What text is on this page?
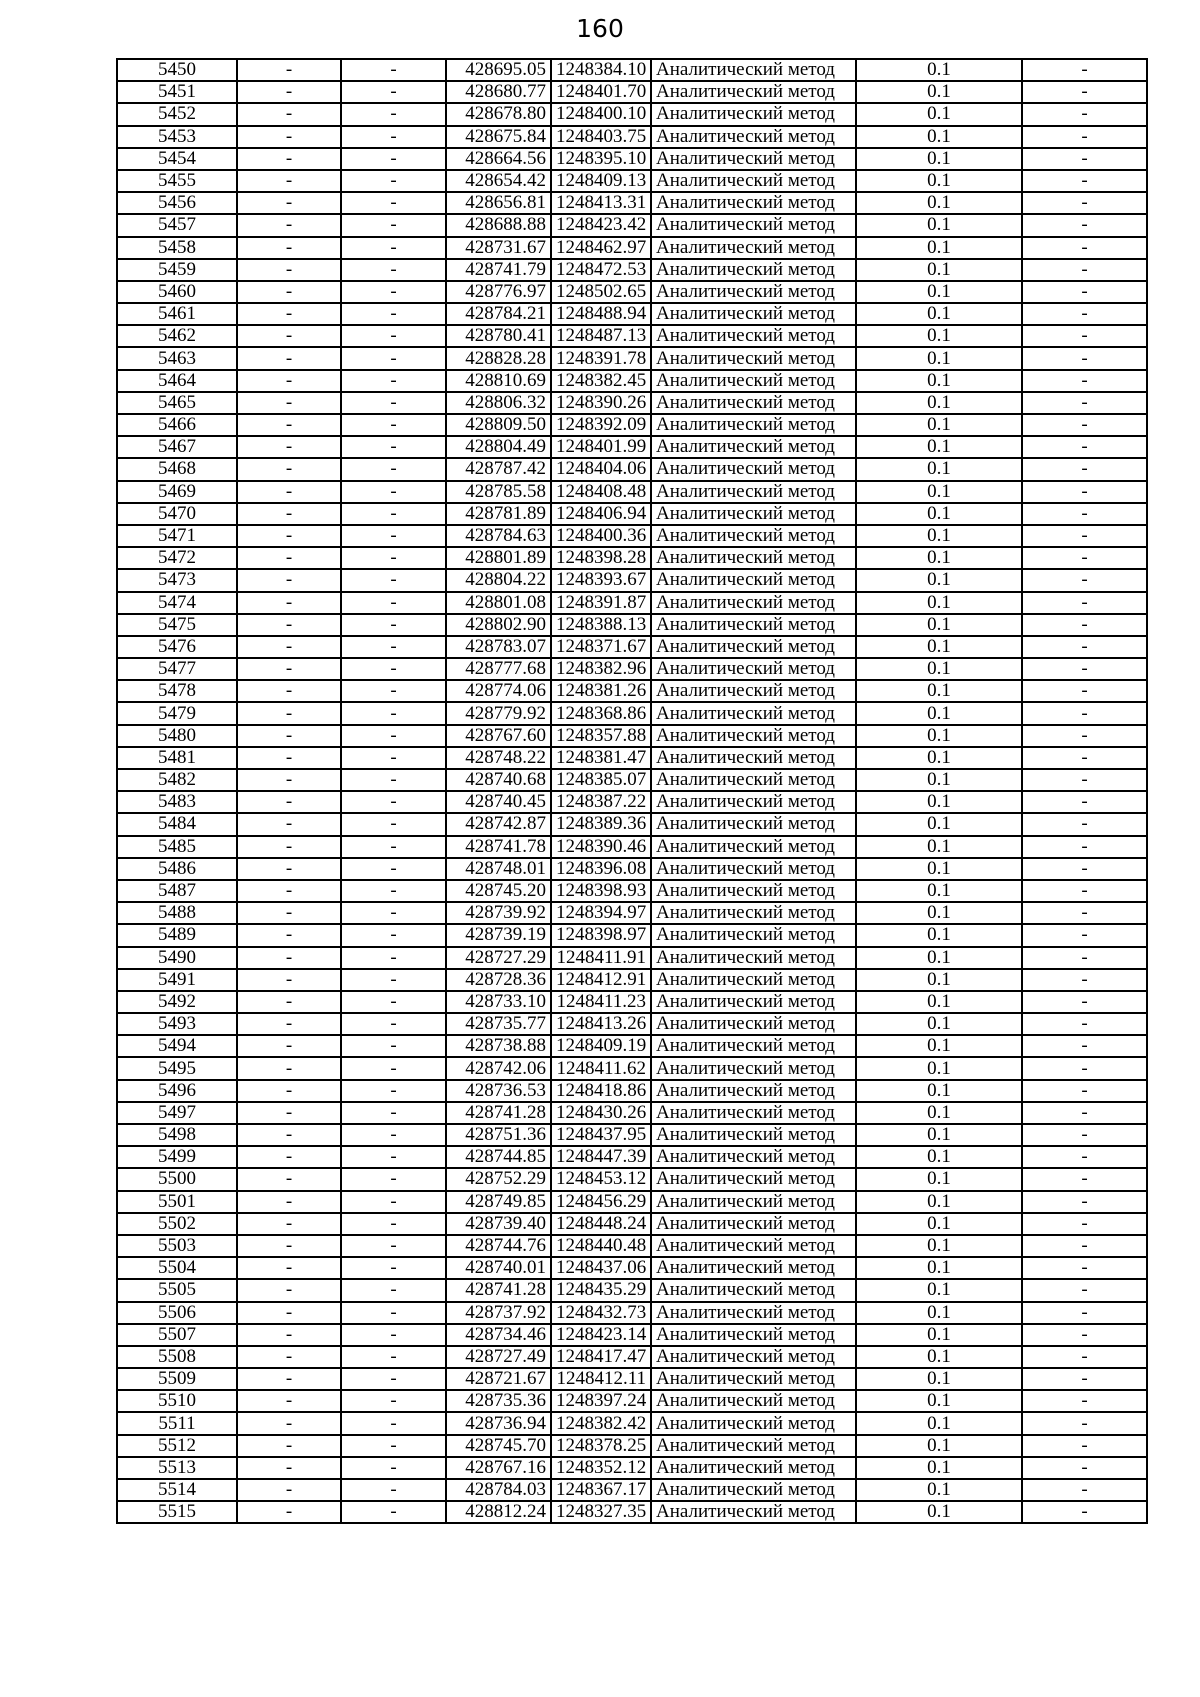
160
5450	-	-	428695.05	1248384.10	Аналитический метод	0.1	-
5451	-	-	428680.77	1248401.70	Аналитический метод	0.1	-
5452	-	-	428678.80	1248400.10	Аналитический метод	0.1	-
5453	-	-	428675.84	1248403.75	Аналитический метод	0.1	-
5454	-	-	428664.56	1248395.10	Аналитический метод	0.1	-
5455	-	-	428654.42	1248409.13	Аналитический метод	0.1	-
5456	-	-	428656.81	1248413.31	Аналитический метод	0.1	-
5457	-	-	428688.88	1248423.42	Аналитический метод	0.1	-
5458	-	-	428731.67	1248462.97	Аналитический метод	0.1	-
5459	-	-	428741.79	1248472.53	Аналитический метод	0.1	-
5460	-	-	428776.97	1248502.65	Аналитический метод	0.1	-
5461	-	-	428784.21	1248488.94	Аналитический метод	0.1	-
5462	-	-	428780.41	1248487.13	Аналитический метод	0.1	-
5463	-	-	428828.28	1248391.78	Аналитический метод	0.1	-
5464	-	-	428810.69	1248382.45	Аналитический метод	0.1	-
5465	-	-	428806.32	1248390.26	Аналитический метод	0.1	-
5466	-	-	428809.50	1248392.09	Аналитический метод	0.1	-
5467	-	-	428804.49	1248401.99	Аналитический метод	0.1	-
5468	-	-	428787.42	1248404.06	Аналитический метод	0.1	-
5469	-	-	428785.58	1248408.48	Аналитический метод	0.1	-
5470	-	-	428781.89	1248406.94	Аналитический метод	0.1	-
5471	-	-	428784.63	1248400.36	Аналитический метод	0.1	-
5472	-	-	428801.89	1248398.28	Аналитический метод	0.1	-
5473	-	-	428804.22	1248393.67	Аналитический метод	0.1	-
5474	-	-	428801.08	1248391.87	Аналитический метод	0.1	-
5475	-	-	428802.90	1248388.13	Аналитический метод	0.1	-
5476	-	-	428783.07	1248371.67	Аналитический метод	0.1	-
5477	-	-	428777.68	1248382.96	Аналитический метод	0.1	-
5478	-	-	428774.06	1248381.26	Аналитический метод	0.1	-
5479	-	-	428779.92	1248368.86	Аналитический метод	0.1	-
5480	-	-	428767.60	1248357.88	Аналитический метод	0.1	-
5481	-	-	428748.22	1248381.47	Аналитический метод	0.1	-
5482	-	-	428740.68	1248385.07	Аналитический метод	0.1	-
5483	-	-	428740.45	1248387.22	Аналитический метод	0.1	-
5484	-	-	428742.87	1248389.36	Аналитический метод	0.1	-
5485	-	-	428741.78	1248390.46	Аналитический метод	0.1	-
5486	-	-	428748.01	1248396.08	Аналитический метод	0.1	-
5487	-	-	428745.20	1248398.93	Аналитический метод	0.1	-
5488	-	-	428739.92	1248394.97	Аналитический метод	0.1	-
5489	-	-	428739.19	1248398.97	Аналитический метод	0.1	-
5490	-	-	428727.29	1248411.91	Аналитический метод	0.1	-
5491	-	-	428728.36	1248412.91	Аналитический метод	0.1	-
5492	-	-	428733.10	1248411.23	Аналитический метод	0.1	-
5493	-	-	428735.77	1248413.26	Аналитический метод	0.1	-
5494	-	-	428738.88	1248409.19	Аналитический метод	0.1	-
5495	-	-	428742.06	1248411.62	Аналитический метод	0.1	-
5496	-	-	428736.53	1248418.86	Аналитический метод	0.1	-
5497	-	-	428741.28	1248430.26	Аналитический метод	0.1	-
5498	-	-	428751.36	1248437.95	Аналитический метод	0.1	-
5499	-	-	428744.85	1248447.39	Аналитический метод	0.1	-
5500	-	-	428752.29	1248453.12	Аналитический метод	0.1	-
5501	-	-	428749.85	1248456.29	Аналитический метод	0.1	-
5502	-	-	428739.40	1248448.24	Аналитический метод	0.1	-
5503	-	-	428744.76	1248440.48	Аналитический метод	0.1	-
5504	-	-	428740.01	1248437.06	Аналитический метод	0.1	-
5505	-	-	428741.28	1248435.29	Аналитический метод	0.1	-
5506	-	-	428737.92	1248432.73	Аналитический метод	0.1	-
5507	-	-	428734.46	1248423.14	Аналитический метод	0.1	-
5508	-	-	428727.49	1248417.47	Аналитический метод	0.1	-
5509	-	-	428721.67	1248412.11	Аналитический метод	0.1	-
5510	-	-	428735.36	1248397.24	Аналитический метод	0.1	-
5511	-	-	428736.94	1248382.42	Аналитический метод	0.1	-
5512	-	-	428745.70	1248378.25	Аналитический метод	0.1	-
5513	-	-	428767.16	1248352.12	Аналитический метод	0.1	-
5514	-	-	428784.03	1248367.17	Аналитический метод	0.1	-
5515	-	-	428812.24	1248327.35	Аналитический метод	0.1	-
